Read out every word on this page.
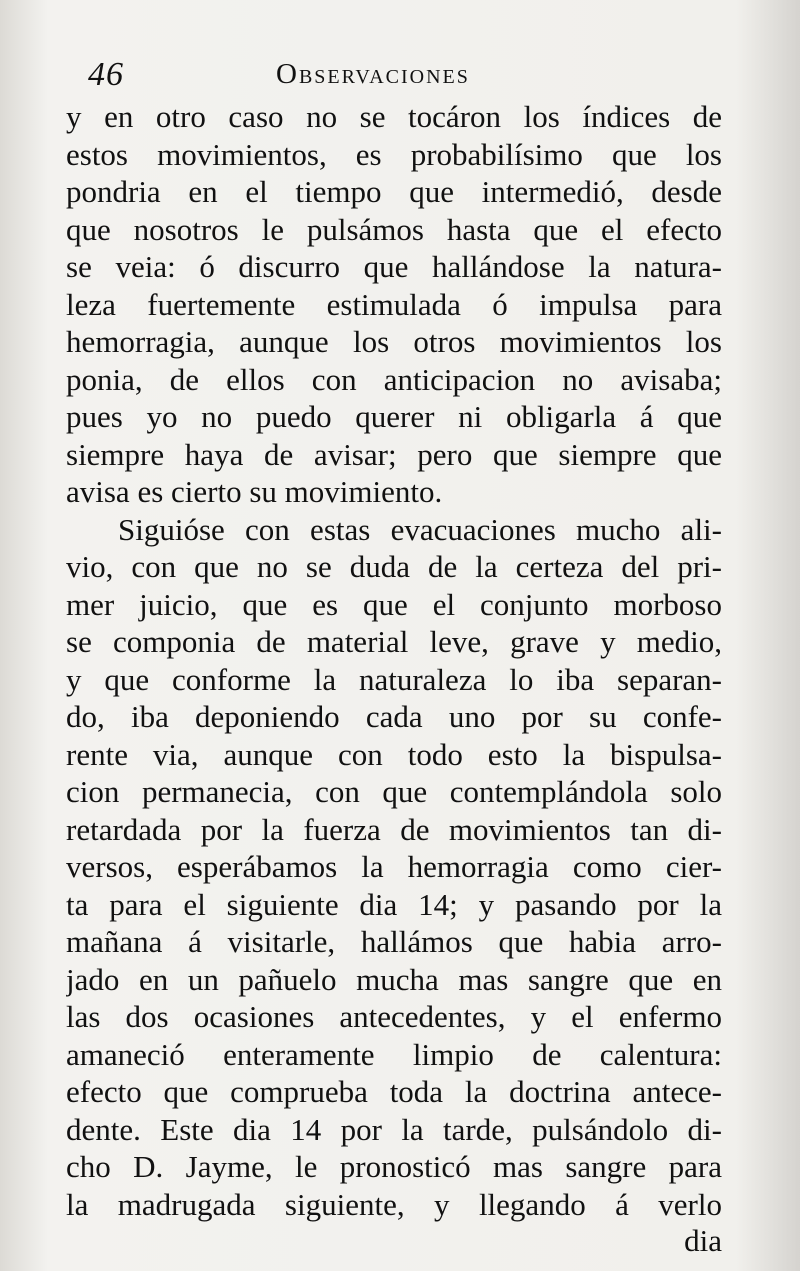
46	Observaciones
y en otro caso no se tocáron los índices de
estos movimientos, es probabilísimo que los
pondria en el tiempo que intermedió, desde
que nosotros le pulsámos hasta que el efecto
se veia: ó discurro que hallándose la natura-
leza fuertemente estimulada ó impulsa para
hemorragia, aunque los otros movimientos los
ponia, de ellos con anticipacion no avisaba;
pues yo no puedo querer ni obligarla á que
siempre haya de avisar; pero que siempre que
avisa es cierto su movimiento.
Siguióse con estas evacuaciones mucho ali-
vio, con que no se duda de la certeza del pri-
mer juicio, que es que el conjunto morboso
se componia de material leve, grave y medio,
y que conforme la naturaleza lo iba separan-
do, iba deponiendo cada uno por su confe-
rente via, aunque con todo esto la bispulsa-
cion permanecia, con que contemplándola solo
retardada por la fuerza de movimientos tan di-
versos, esperábamos la hemorragia como cier-
ta para el siguiente dia 14; y pasando por la
mañana á visitarle, hallámos que habia arro-
jado en un pañuelo mucha mas sangre que en
las dos ocasiones antecedentes, y el enfermo
amaneció enteramente limpio de calentura:
efecto que comprueba toda la doctrina antece-
dente. Este dia 14 por la tarde, pulsándolo di-
cho D. Jayme, le pronosticó mas sangre para
la madrugada siguiente, y llegando á verlo
dia
